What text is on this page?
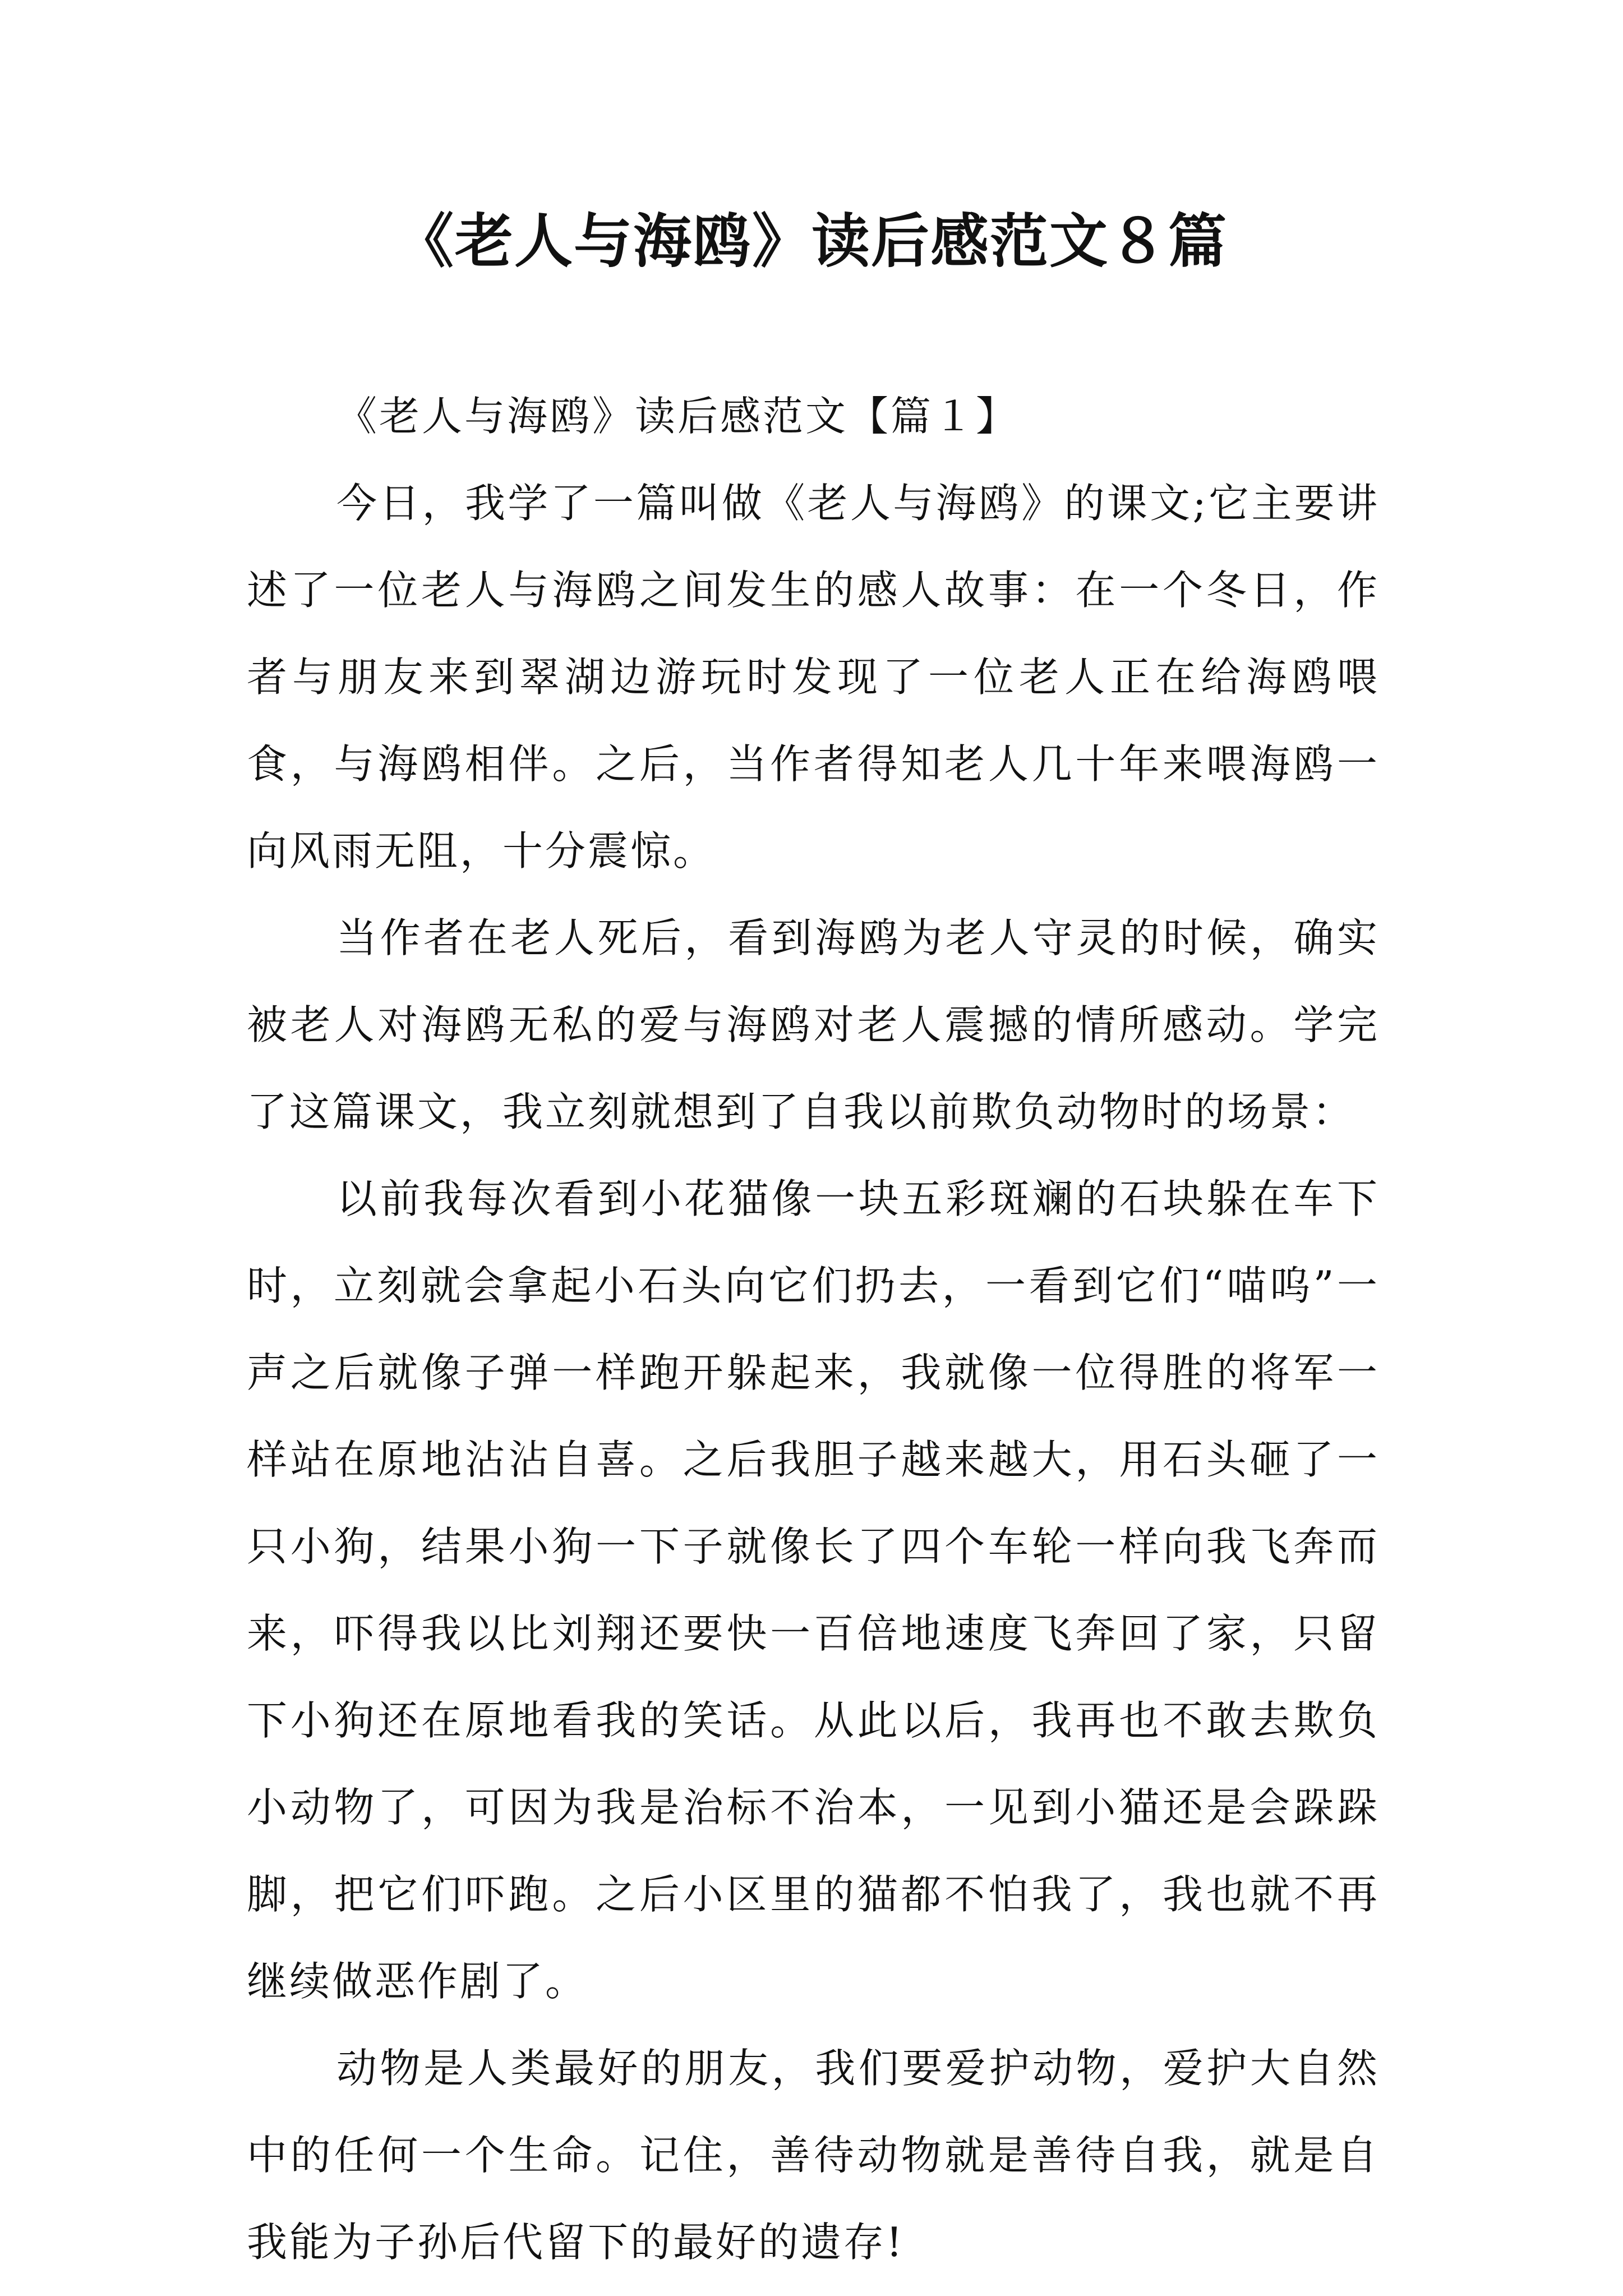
《老人与海鸥》读后感范文８篇
《老人与海鸥》读后感范文【篇１】

今日，我学了一篇叫做《老人与海鸥》的课文;它主要讲述了一位老人与海鸥之间发生的感人故事：在一个冬日，作者与朋友来到翠湖边游玩时发现了一位老人正在给海鸥喂食，与海鸥相伴。之后，当作者得知老人几十年来喂海鸥一向风雨无阻，十分震惊。

当作者在老人死后，看到海鸥为老人守灵的时候，确实被老人对海鸥无私的爱与海鸥对老人震撼的情所感动。学完了这篇课文，我立刻就想到了自我以前欺负动物时的场景：

以前我每次看到小花猫像一块五彩斑斓的石块躲在车下时，立刻就会拿起小石头向它们扔去，一看到它们“喵呜”一声之后就像子弹一样跑开躲起来，我就像一位得胜的将军一样站在原地沾沾自喜。之后我胆子越来越大，用石头砸了一只小狗，结果小狗一下子就像长了四个车轮一样向我飞奔而来，吓得我以比刘翔还要快一百倍地速度飞奔回了家，只留下小狗还在原地看我的笑话。从此以后，我再也不敢去欺负小动物了，可因为我是治标不治本，一见到小猫还是会跺跺脚，把它们吓跑。之后小区里的猫都不怕我了，我也就不再继续做恶作剧了。

动物是人类最好的朋友，我们要爱护动物，爱护大自然中的任何一个生命。记住，善待动物就是善待自我，就是自我能为子孙后代留下的最好的遗存!
